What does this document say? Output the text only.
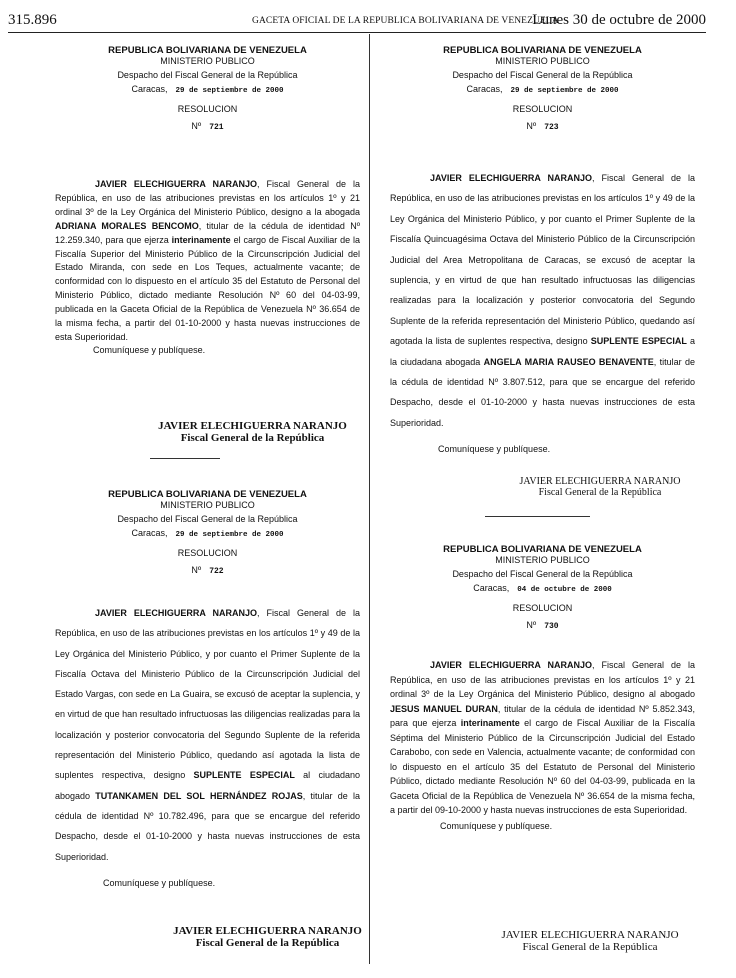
315.896	GACETA OFICIAL DE LA REPUBLICA BOLIVARIANA DE VENEZUELA
Lunes 30 de octubre de 2000
REPUBLICA BOLIVARIANA DE VENEZUELA
MINISTERIO PUBLICO
Despacho del Fiscal General de la República
Caracas, 29 de septiembre de 2000
RESOLUCION
Nº 721

JAVIER ELECHIGUERRA NARANJO, Fiscal General de la República, en uso de las atribuciones previstas en los artículos 1º y 21 ordinal 3º de la Ley Orgánica del Ministerio Público, designo a la abogada ADRIANA MORALES BENCOMO, titular de la cédula de identidad Nº 12.259.340, para que ejerza interinamente el cargo de Fiscal Auxiliar de la Fiscalía Superior del Ministerio Público de la Circunscripción Judicial del Estado Miranda, con sede en Los Teques, actualmente vacante; de conformidad con lo dispuesto en el artículo 35 del Estatuto de Personal del Ministerio Público, dictado mediante Resolución Nº 60 del 04-03-99, publicada en la Gaceta Oficial de la República de Venezuela Nº 36.654 de la misma fecha, a partir del 01-10-2000 y hasta nuevas instrucciones de esta Superioridad.

Comuníquese y publíquese.
JAVIER ELECHIGUERRA NARANJO
Fiscal General de la República
REPUBLICA BOLIVARIANA DE VENEZUELA
MINISTERIO PUBLICO
Despacho del Fiscal General de la República
Caracas, 29 de septiembre de 2000
RESOLUCION
Nº 722

JAVIER ELECHIGUERRA NARANJO, Fiscal General de la República, en uso de las atribuciones previstas en los artículos 1º y 49 de la Ley Orgánica del Ministerio Público, y por cuanto el Primer Suplente de la Fiscalía Octava del Ministerio Público de la Circunscripción Judicial del Estado Vargas, con sede en La Guaira, se excusó de aceptar la suplencia, y en virtud de que han resultado infructuosas las diligencias realizadas para la localización y posterior convocatoria del Segundo Suplente de la referida representación del Ministerio Público, quedando así agotada la lista de suplentes respectiva, designo SUPLENTE ESPECIAL al ciudadano abogado TUTANKAMEN DEL SOL HERNÁNDEZ ROJAS, titular de la cédula de identidad Nº 10.782.496, para que se encargue del referido Despacho, desde el 01-10-2000 y hasta nuevas instrucciones de esta Superioridad.

Comuníquese y publíquese.
JAVIER ELECHIGUERRA NARANJO
Fiscal General de la República
REPUBLICA BOLIVARIANA DE VENEZUELA
MINISTERIO PUBLICO
Despacho del Fiscal General de la República
Caracas, 29 de septiembre de 2000
RESOLUCION
Nº 723

JAVIER ELECHIGUERRA NARANJO, Fiscal General de la República, en uso de las atribuciones previstas en los artículos 1º y 49 de la Ley Orgánica del Ministerio Público, y por cuanto el Primer Suplente de la Fiscalía Quincuagésima Octava del Ministerio Público de la Circunscripción Judicial del Area Metropolitana de Caracas, se excusó de aceptar la suplencia, y en virtud de que han resultado infructuosas las diligencias realizadas para la localización y posterior convocatoria del Segundo Suplente de la referida representación del Ministerio Público, quedando así agotada la lista de suplentes respectiva, designo SUPLENTE ESPECIAL a la ciudadana abogada ANGELA MARIA RAUSEO BENAVENTE, titular de la cédula de identidad Nº 3.807.512, para que se encargue del referido Despacho, desde el 01-10-2000 y hasta nuevas instrucciones de esta Superioridad.

Comuníquese y publíquese.
JAVIER ELECHIGUERRA NARANJO
Fiscal General de la República
REPUBLICA BOLIVARIANA DE VENEZUELA
MINISTERIO PUBLICO
Despacho del Fiscal General de la República
Caracas, 04 de octubre de 2000
RESOLUCION
Nº 730

JAVIER ELECHIGUERRA NARANJO, Fiscal General de la República, en uso de las atribuciones previstas en los artículos 1º y 21 ordinal 3º de la Ley Orgánica del Ministerio Público, designo al abogado JESUS MANUEL DURAN, titular de la cédula de identidad Nº 5.852.343, para que ejerza interinamente el cargo de Fiscal Auxiliar de la Fiscalía Séptima del Ministerio Público de la Circunscripción Judicial del Estado Carabobo, con sede en Valencia, actualmente vacante; de conformidad con lo dispuesto en el artículo 35 del Estatuto de Personal del Ministerio Público, dictado mediante Resolución Nº 60 del 04-03-99, publicada en la Gaceta Oficial de la República de Venezuela Nº 36.654 de la misma fecha, a partir del 09-10-2000 y hasta nuevas instrucciones de esta Superioridad.

Comuníquese y publíquese.
JAVIER ELECHIGUERRA NARANJO
Fiscal General de la República
